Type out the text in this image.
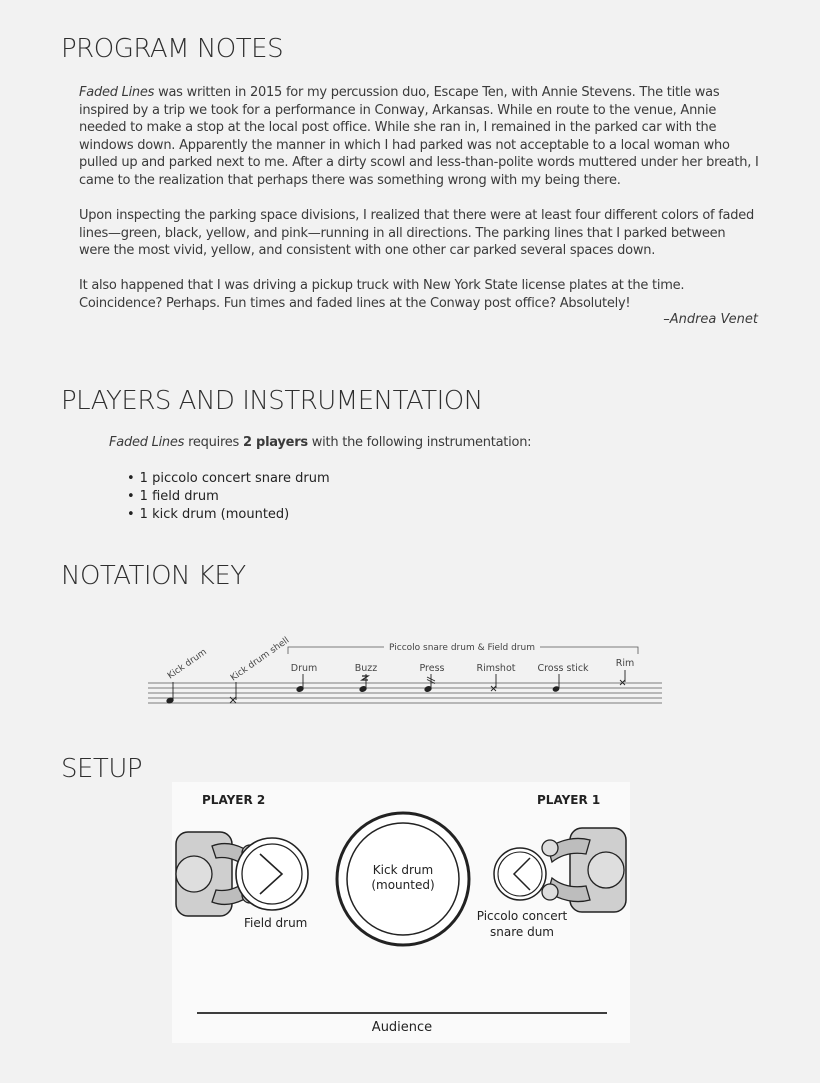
PROGRAM NOTES

Faded Lines was written in 2015 for my percussion duo, Escape Ten, with Annie Stevens. The title was inspired by a trip we took for a performance in Conway, Arkansas. While en route to the venue, Annie needed to make a stop at the local post office. While she ran in, I remained in the parked car with the windows down. Apparently the manner in which I had parked was not acceptable to a local woman who pulled up and parked next to me. After a dirty scowl and less-than-polite words muttered under her breath, I came to the realization that perhaps there was something wrong with my being there.

Upon inspecting the parking space divisions, I realized that there were at least four different colors of faded lines—green, black, yellow, and pink—running in all directions. The parking lines that I parked between were the most vivid, yellow, and consistent with one other car parked several spaces down.

It also happened that I was driving a pickup truck with New York State license plates at the time. Coincidence? Perhaps. Fun times and faded lines at the Conway post office? Absolutely!

–Andrea Venet
PLAYERS AND INSTRUMENTATION
Faded Lines requires 2 players with the following instrumentation:
• 1 piccolo concert snare drum
• 1 field drum
• 1 kick drum (mounted)
NOTATION KEY
Piccolo snare drum & Field drum
Kick drum Kick drum shell Drum	Buzz	Press	Rimshot Cross stick	Rim
SETUP
PLAYER 2	PLAYER 1
Field drum
Kick drum
(mounted)
Piccolo concert
snare dum
Audience
